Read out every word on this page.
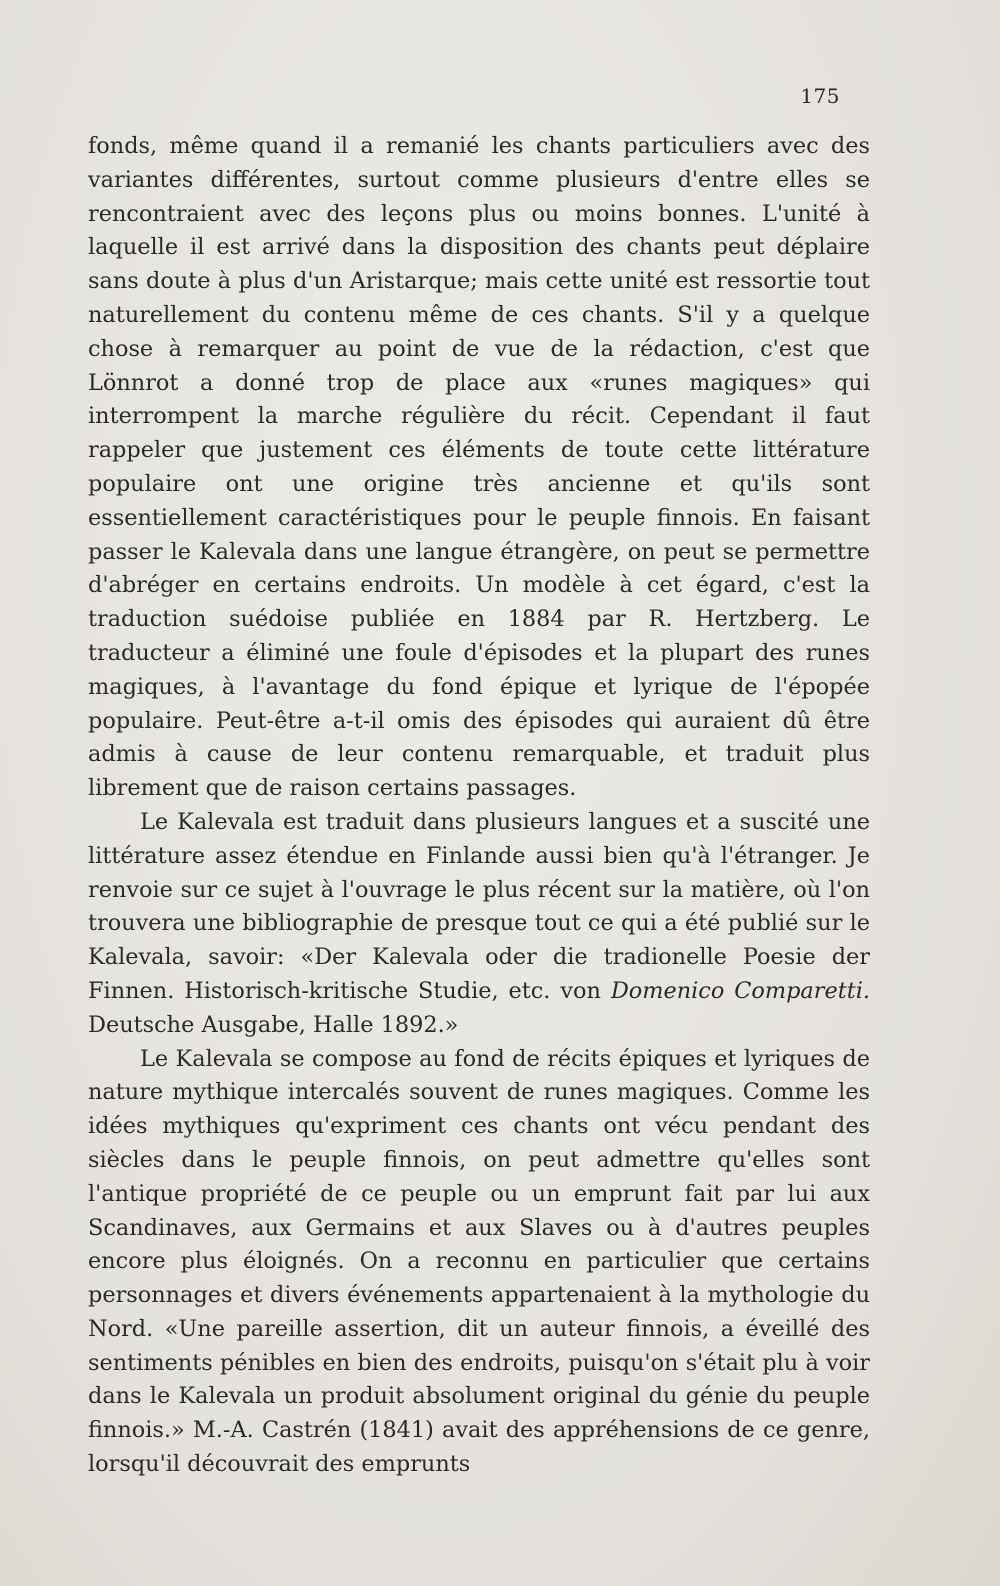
175

fonds, même quand il a remanié les chants particuliers avec des variantes différentes, surtout comme plusieurs d'entre elles se rencontraient avec des leçons plus ou moins bonnes. L'unité à laquelle il est arrivé dans la disposition des chants peut déplaire sans doute à plus d'un Aristarque; mais cette unité est ressortie tout naturellement du contenu même de ces chants. S'il y a quelque chose à remarquer au point de vue de la rédaction, c'est que Lönnrot a donné trop de place aux «runes magiques» qui interrompent la marche régulière du récit. Cependant il faut rappeler que justement ces éléments de toute cette littérature populaire ont une origine très ancienne et qu'ils sont essentiellement caractéristiques pour le peuple finnois. En faisant passer le Kalevala dans une langue étrangère, on peut se permettre d'abréger en certains endroits. Un modèle à cet égard, c'est la traduction suédoise publiée en 1884 par R. Hertzberg. Le traducteur a éliminé une foule d'épisodes et la plupart des runes magiques, à l'avantage du fond épique et lyrique de l'épopée populaire. Peut-être a-t-il omis des épisodes qui auraient dû être admis à cause de leur contenu remarquable, et traduit plus librement que de raison certains passages.

Le Kalevala est traduit dans plusieurs langues et a suscité une littérature assez étendue en Finlande aussi bien qu'à l'étranger. Je renvoie sur ce sujet à l'ouvrage le plus récent sur la matière, où l'on trouvera une bibliographie de presque tout ce qui a été publié sur le Kalevala, savoir: «Der Kalevala oder die tradionelle Poesie der Finnen. Historisch-kritische Studie, etc. von Domenico Comparetti. Deutsche Ausgabe, Halle 1892.»

Le Kalevala se compose au fond de récits épiques et lyriques de nature mythique intercalés souvent de runes magiques. Comme les idées mythiques qu'expriment ces chants ont vécu pendant des siècles dans le peuple finnois, on peut admettre qu'elles sont l'antique propriété de ce peuple ou un emprunt fait par lui aux Scandinaves, aux Germains et aux Slaves ou à d'autres peuples encore plus éloignés. On a reconnu en particulier que certains personnages et divers événements appartenaient à la mythologie du Nord. «Une pareille assertion, dit un auteur finnois, a éveillé des sentiments pénibles en bien des endroits, puisqu'on s'était plu à voir dans le Kalevala un produit absolument original du génie du peuple finnois.» M.-A. Castrén (1841) avait des appréhensions de ce genre, lorsqu'il découvrait des emprunts
